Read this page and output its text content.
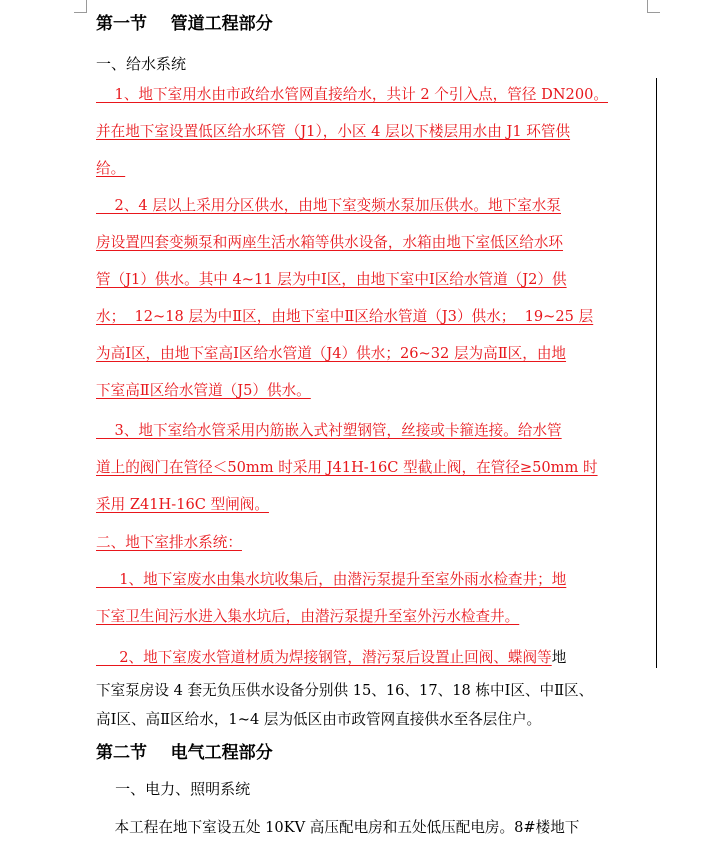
第一节    管道工程部分
一、给水系统
1、地下室用水由市政给水管网直接给水，共计 2 个引入点，管径 DN200。
并在地下室设置低区给水环管（J1），小区 4 层以下楼层用水由 J1 环管供
给。
2、4 层以上采用分区供水，由地下室变频水泵加压供水。地下室水泵
房设置四套变频泵和两座生活水箱等供水设备，水箱由地下室低区给水环
管（J1）供水。其中 4~11 层为中Ⅰ区，由地下室中Ⅰ区给水管道（J2）供
水；  12~18 层为中Ⅱ区，由地下室中Ⅱ区给水管道（J3）供水；  19~25 层
为高Ⅰ区，由地下室高Ⅰ区给水管道（J4）供水；26~32 层为高Ⅱ区，由地
下室高Ⅱ区给水管道（J5）供水。
3、地下室给水管采用内筋嵌入式衬塑钢管，丝接或卡箍连接。给水管
道上的阀门在管径＜50mm 时采用 J41H-16C 型截止阀，在管径≥50mm 时
采用 Z41H-16C 型闸阀。
二、地下室排水系统：
1、地下室废水由集水坑收集后，由潜污泵提升至室外雨水检查井；地
下室卫生间污水进入集水坑后，由潜污泵提升至室外污水检查井。
2、地下室废水管道材质为焊接钢管，潜污泵后设置止回阀、蝶阀等地
下室泵房设 4 套无负压供水设备分别供 15、16、17、18 栋中Ⅰ区、中Ⅱ区、
高Ⅰ区、高Ⅱ区给水，1~4 层为低区由市政管网直接供水至各层住户。
第二节    电气工程部分
一、电力、照明系统
本工程在地下室设五处 10KV 高压配电房和五处低压配电房。8#楼地下
